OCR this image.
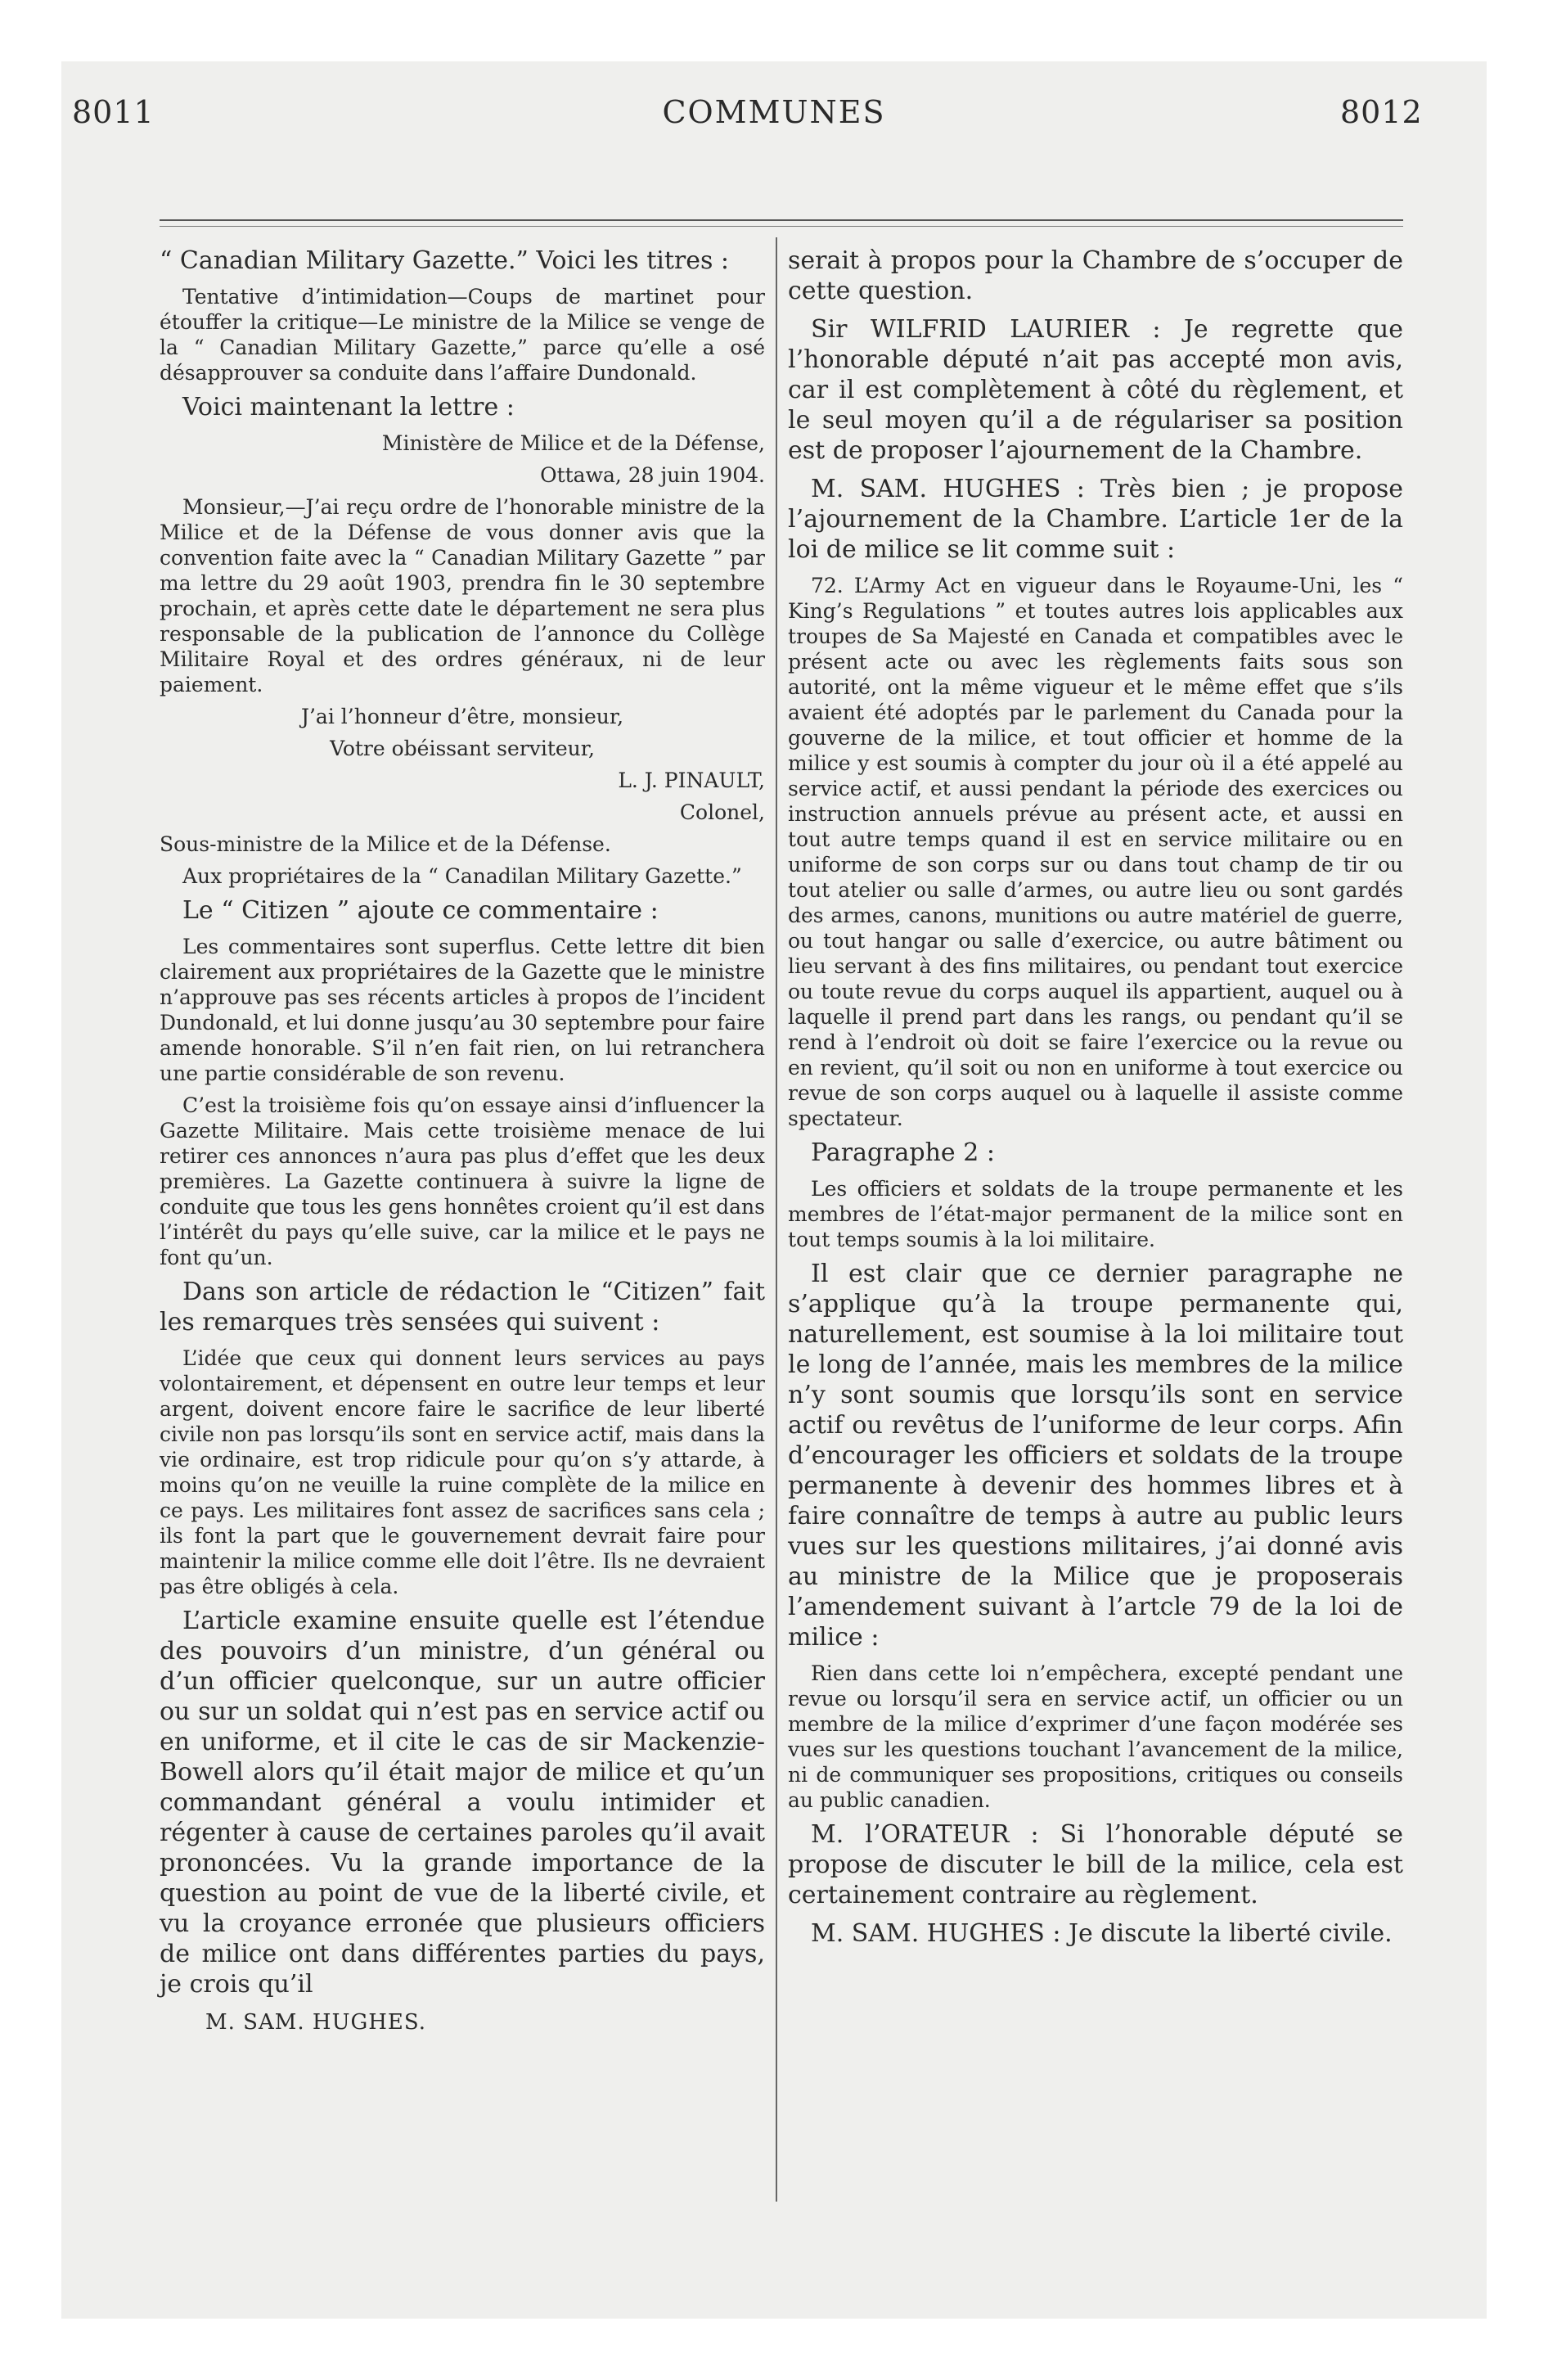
8011	COMMUNES	8012

“ Canadian Military Gazette.” Voici les titres :

Tentative d’intimidation—Coups de martinet pour étouffer la critique—Le ministre de la Milice se venge de la “ Canadian Military Gazette,” parce qu’elle a osé désapprouver sa conduite dans l’affaire Dundonald.

Voici maintenant la lettre :

Ministère de Milice et de la Défense,

Ottawa, 28 juin 1904.

Monsieur,—J’ai reçu ordre de l’honorable ministre de la Milice et de la Défense de vous donner avis que la convention faite avec la “ Canadian Military Gazette ” par ma lettre du 29 août 1903, prendra fin le 30 septembre prochain, et après cette date le département ne sera plus responsable de la publication de l’annonce du Collège Militaire Royal et des ordres généraux, ni de leur paiement.

J’ai l’honneur d’être, monsieur,

Votre obéissant serviteur,

L. J. PINAULT,

Colonel,

Sous-ministre de la Milice et de la Défense.

Aux propriétaires de la “ Canadilan Military Gazette.”

Le “ Citizen ” ajoute ce commentaire :

Les commentaires sont superflus. Cette lettre dit bien clairement aux propriétaires de la Gazette que le ministre n’approuve pas ses récents articles à propos de l’incident Dundonald, et lui donne jusqu’au 30 septembre pour faire amende honorable. S’il n’en fait rien, on lui retranchera une partie considérable de son revenu.

C’est la troisième fois qu’on essaye ainsi d’influencer la Gazette Militaire. Mais cette troisième menace de lui retirer ces annonces n’aura pas plus d’effet que les deux premières. La Gazette continuera à suivre la ligne de conduite que tous les gens honnêtes croient qu’il est dans l’intérêt du pays qu’elle suive, car la milice et le pays ne font qu’un.

Dans son article de rédaction le “Citizen” fait les remarques très sensées qui suivent :

L’idée que ceux qui donnent leurs services au pays volontairement, et dépensent en outre leur temps et leur argent, doivent encore faire le sacrifice de leur liberté civile non pas lorsqu’ils sont en service actif, mais dans la vie ordinaire, est trop ridicule pour qu’on s’y attarde, à moins qu’on ne veuille la ruine complète de la milice en ce pays. Les militaires font assez de sacrifices sans cela ; ils font la part que le gouvernement devrait faire pour maintenir la milice comme elle doit l’être. Ils ne devraient pas être obligés à cela.

L’article examine ensuite quelle est l’étendue des pouvoirs d’un ministre, d’un général ou d’un officier quelconque, sur un autre officier ou sur un soldat qui n’est pas en service actif ou en uniforme, et il cite le cas de sir Mackenzie-Bowell alors qu’il était major de milice et qu’un commandant général a voulu intimider et régenter à cause de certaines paroles qu’il avait prononcées. Vu la grande importance de la question au point de vue de la liberté civile, et vu la croyance erronée que plusieurs officiers de milice ont dans différentes parties du pays, je crois qu’il

M. SAM. HUGHES.

serait à propos pour la Chambre de s’occuper de cette question.

Sir WILFRID LAURIER : Je regrette que l’honorable député n’ait pas accepté mon avis, car il est complètement à côté du règlement, et le seul moyen qu’il a de régulariser sa position est de proposer l’ajournement de la Chambre.

M. SAM. HUGHES : Très bien ; je propose l’ajournement de la Chambre. L’article 1er de la loi de milice se lit comme suit :

72. L’Army Act en vigueur dans le Royaume-Uni, les “ King’s Regulations ” et toutes autres lois applicables aux troupes de Sa Majesté en Canada et compatibles avec le présent acte ou avec les règlements faits sous son autorité, ont la même vigueur et le même effet que s’ils avaient été adoptés par le parlement du Canada pour la gouverne de la milice, et tout officier et homme de la milice y est soumis à compter du jour où il a été appelé au service actif, et aussi pendant la période des exercices ou instruction annuels prévue au présent acte, et aussi en tout autre temps quand il est en service militaire ou en uniforme de son corps sur ou dans tout champ de tir ou tout atelier ou salle d’armes, ou autre lieu ou sont gardés des armes, canons, munitions ou autre matériel de guerre, ou tout hangar ou salle d’exercice, ou autre bâtiment ou lieu servant à des fins militaires, ou pendant tout exercice ou toute revue du corps auquel ils appartient, auquel ou à laquelle il prend part dans les rangs, ou pendant qu’il se rend à l’endroit où doit se faire l’exercice ou la revue ou en revient, qu’il soit ou non en uniforme à tout exercice ou revue de son corps auquel ou à laquelle il assiste comme spectateur.

Paragraphe 2 :

Les officiers et soldats de la troupe permanente et les membres de l’état-major permanent de la milice sont en tout temps soumis à la loi militaire.

Il est clair que ce dernier paragraphe ne s’applique qu’à la troupe permanente qui, naturellement, est soumise à la loi militaire tout le long de l’année, mais les membres de la milice n’y sont soumis que lorsqu’ils sont en service actif ou revêtus de l’uniforme de leur corps. Afin d’encourager les officiers et soldats de la troupe permanente à devenir des hommes libres et à faire connaître de temps à autre au public leurs vues sur les questions militaires, j’ai donné avis au ministre de la Milice que je proposerais l’amendement suivant à l’artcle 79 de la loi de milice :

Rien dans cette loi n’empêchera, excepté pendant une revue ou lorsqu’il sera en service actif, un officier ou un membre de la milice d’exprimer d’une façon modérée ses vues sur les questions touchant l’avancement de la milice, ni de communiquer ses propositions, critiques ou conseils au public canadien.

M. l’ORATEUR : Si l’honorable député se propose de discuter le bill de la milice, cela est certainement contraire au règlement.

M. SAM. HUGHES : Je discute la liberté civile.
